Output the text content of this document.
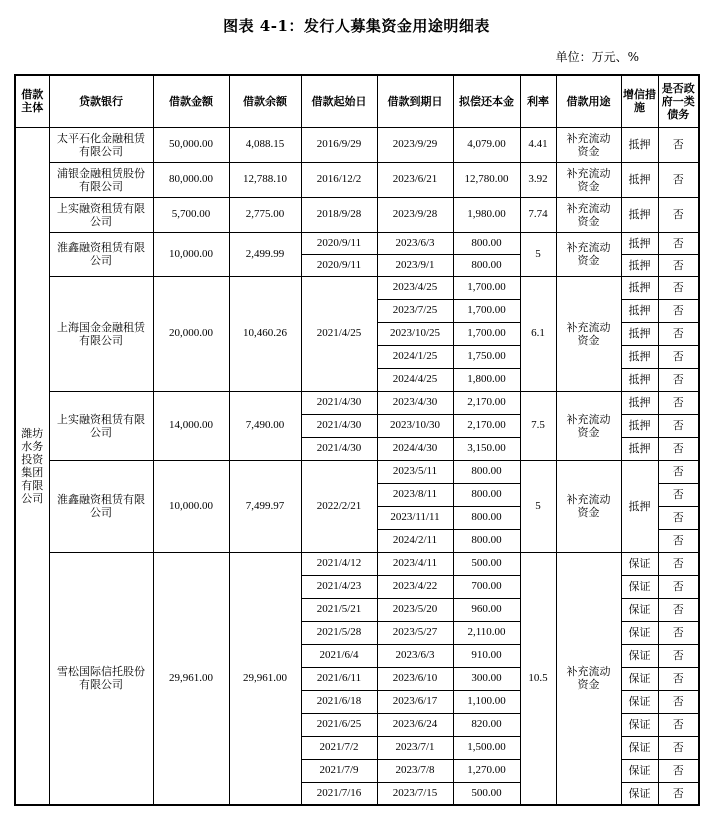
图表 4-1：发行人募集资金用途明细表
单位：万元、%
借款主体	贷款银行	借款金额	借款余额	借款起始日	借款到期日	拟偿还本金	利率	借款用途	增信措施	是否政府一类债务
潍坊水务投资集团有限公司	太平石化金融租赁有限公司	50,000.00	4,088.15	2016/9/29	2023/9/29	4,079.00	4.41	补充流动资金	抵押	否
	浦银金融租赁股份有限公司	80,000.00	12,788.10	2016/12/2	2023/6/21	12,780.00	3.92	补充流动资金	抵押	否
	上实融资租赁有限公司	5,700.00	2,775.00	2018/9/28	2023/9/28	1,980.00	7.74	补充流动资金	抵押	否
	淮鑫融资租赁有限公司	10,000.00	2,499.99	2020/9/11	2023/6/3	800.00	5	补充流动资金	抵押	否
				2020/9/11	2023/9/1	800.00			抵押	否
	上海国金金融租赁有限公司	20,000.00	10,460.26	2021/4/25	2023/4/25	1,700.00	6.1	补充流动资金	抵押	否
					2023/7/25	1,700.00			抵押	否
					2023/10/25	1,700.00			抵押	否
					2024/1/25	1,750.00			抵押	否
					2024/4/25	1,800.00			抵押	否
	上实融资租赁有限公司	14,000.00	7,490.00	2021/4/30	2023/4/30	2,170.00	7.5	补充流动资金	抵押	否
				2021/4/30	2023/10/30	2,170.00			抵押	否
				2021/4/30	2024/4/30	3,150.00			抵押	否
	淮鑫融资租赁有限公司	10,000.00	7,499.97	2022/2/21	2023/5/11	800.00	5	补充流动资金	抵押	否
					2023/8/11	800.00				否
					2023/11/11	800.00				否
					2024/2/11	800.00				否
	雪松国际信托股份有限公司	29,961.00	29,961.00	2021/4/12	2023/4/11	500.00	10.5	补充流动资金	保证	否
				2021/4/23	2023/4/22	700.00			保证	否
				2021/5/21	2023/5/20	960.00			保证	否
				2021/5/28	2023/5/27	2,110.00			保证	否
				2021/6/4	2023/6/3	910.00			保证	否
				2021/6/11	2023/6/10	300.00			保证	否
				2021/6/18	2023/6/17	1,100.00			保证	否
				2021/6/25	2023/6/24	820.00			保证	否
				2021/7/2	2023/7/1	1,500.00			保证	否
				2021/7/9	2023/7/8	1,270.00			保证	否
				2021/7/16	2023/7/15	500.00			保证	否
